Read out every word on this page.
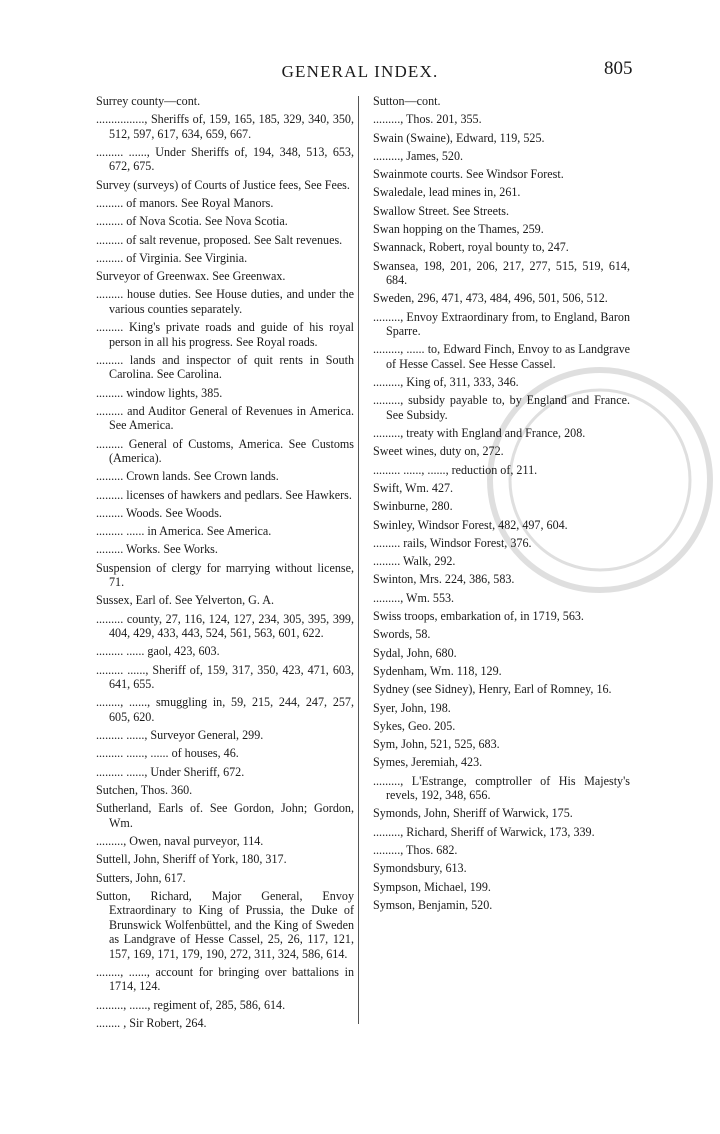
GENERAL INDEX.	805

Surrey county—cont.

................, Sheriffs of, 159, 165, 185, 329, 340, 350, 512, 597, 617, 634, 659, 667.

......... ......, Under Sheriffs of, 194, 348, 513, 653, 672, 675.

Survey (surveys) of Courts of Justice fees, See Fees.

......... of manors. See Royal Manors.

......... of Nova Scotia. See Nova Scotia.

......... of salt revenue, proposed. See Salt revenues.

......... of Virginia. See Virginia.

Surveyor of Greenwax. See Greenwax.

......... house duties. See House duties, and under the various counties separately.

......... King's private roads and guide of his royal person in all his progress. See Royal roads.

......... lands and inspector of quit rents in South Carolina. See Carolina.

......... window lights, 385.

......... and Auditor General of Revenues in America. See America.

......... General of Customs, America. See Customs (America).

......... Crown lands. See Crown lands.

......... licenses of hawkers and pedlars. See Hawkers.

......... Woods. See Woods.

......... ...... in America. See America.

......... Works. See Works.

Suspension of clergy for marrying without license, 71.

Sussex, Earl of. See Yelverton, G. A.

......... county, 27, 116, 124, 127, 234, 305, 395, 399, 404, 429, 433, 443, 524, 561, 563, 601, 622.

......... ...... gaol, 423, 603.

......... ......, Sheriff of, 159, 317, 350, 423, 471, 603, 641, 655.

........, ......, smuggling in, 59, 215, 244, 247, 257, 605, 620.

......... ......, Surveyor General, 299.

......... ......, ...... of houses, 46.

......... ......, Under Sheriff, 672.

Sutchen, Thos. 360.

Sutherland, Earls of. See Gordon, John; Gordon, Wm.

........., Owen, naval purveyor, 114.

Suttell, John, Sheriff of York, 180, 317.

Sutters, John, 617.

Sutton, Richard, Major General, Envoy Extraordinary to King of Prussia, the Duke of Brunswick Wolfenbüttel, and the King of Sweden as Landgrave of Hesse Cassel, 25, 26, 117, 121, 157, 169, 171, 179, 190, 272, 311, 324, 586, 614.

........, ......, account for bringing over battalions in 1714, 124.

........., ......, regiment of, 285, 586, 614.

........ , Sir Robert, 264.

Sutton—cont.

........., Thos. 201, 355.

Swain (Swaine), Edward, 119, 525.

........., James, 520.

Swainmote courts. See Windsor Forest.

Swaledale, lead mines in, 261.

Swallow Street. See Streets.

Swan hopping on the Thames, 259.

Swannack, Robert, royal bounty to, 247.

Swansea, 198, 201, 206, 217, 277, 515, 519, 614, 684.

Sweden, 296, 471, 473, 484, 496, 501, 506, 512.

........., Envoy Extraordinary from, to England, Baron Sparre.

........., ...... to, Edward Finch, Envoy to as Landgrave of Hesse Cassel. See Hesse Cassel.

........., King of, 311, 333, 346.

........., subsidy payable to, by England and France. See Subsidy.

........., treaty with England and France, 208.

Sweet wines, duty on, 272.

......... ......, ......, reduction of, 211.

Swift, Wm. 427.

Swinburne, 280.

Swinley, Windsor Forest, 482, 497, 604.

......... rails, Windsor Forest, 376.

......... Walk, 292.

Swinton, Mrs. 224, 386, 583.

........., Wm. 553.

Swiss troops, embarkation of, in 1719, 563.

Swords, 58.

Sydal, John, 680.

Sydenham, Wm. 118, 129.

Sydney (see Sidney), Henry, Earl of Romney, 16.

Syer, John, 198.

Sykes, Geo. 205.

Sym, John, 521, 525, 683.

Symes, Jeremiah, 423.

........., L'Estrange, comptroller of His Majesty's revels, 192, 348, 656.

Symonds, John, Sheriff of Warwick, 175.

........., Richard, Sheriff of Warwick, 173, 339.

........., Thos. 682.

Symondsbury, 613.

Sympson, Michael, 199.

Symson, Benjamin, 520.
